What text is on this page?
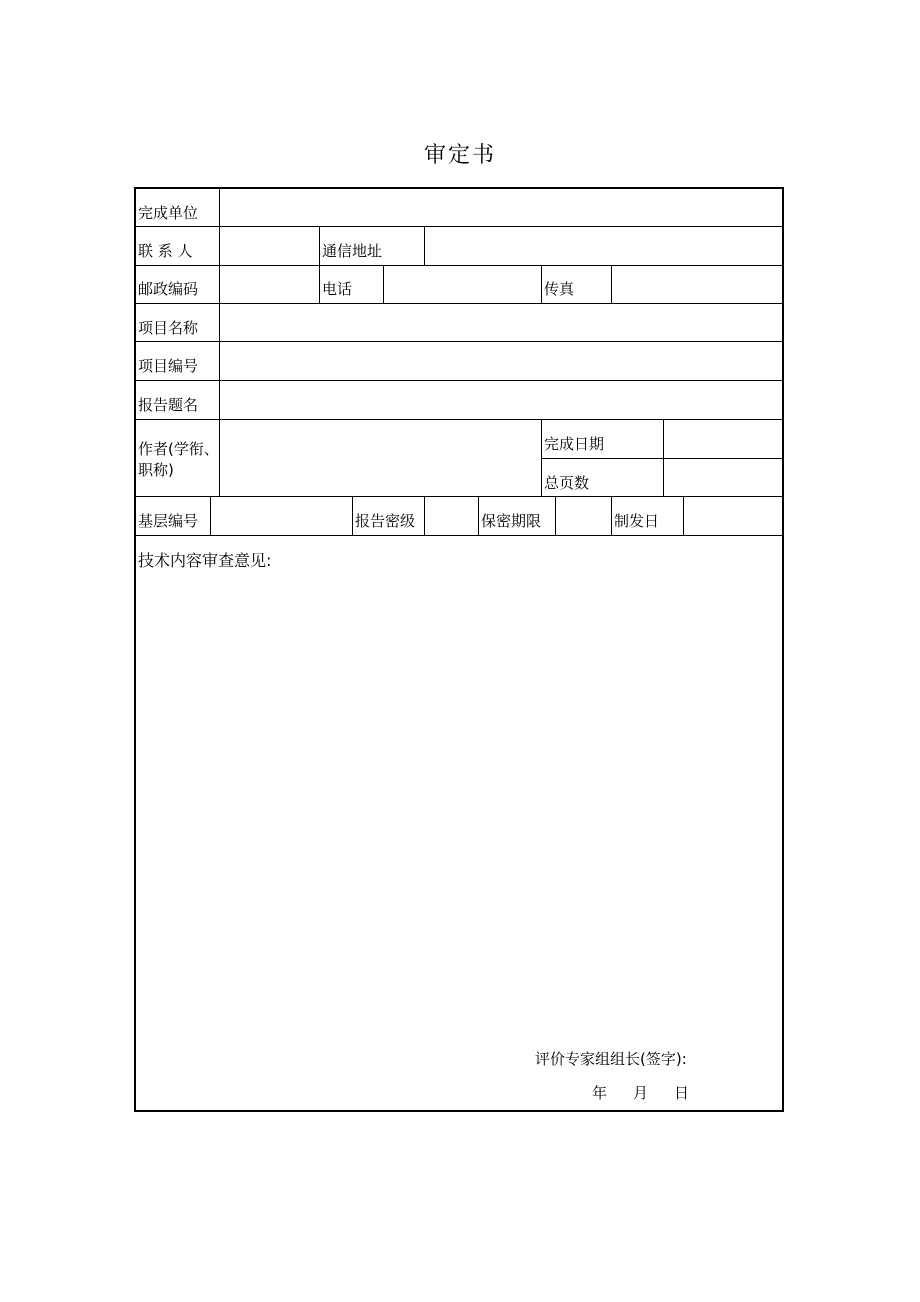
审定书
完成单位
联 系 人	通信地址
邮政编码	电话	传真
项目名称
项目编号
报告题名
作者(学衔、
职称)
完成日期
总页数
基层编号	报告密级	保密期限	制发日
技术内容审查意见:
评价专家组组长(签字):
年 月 日
